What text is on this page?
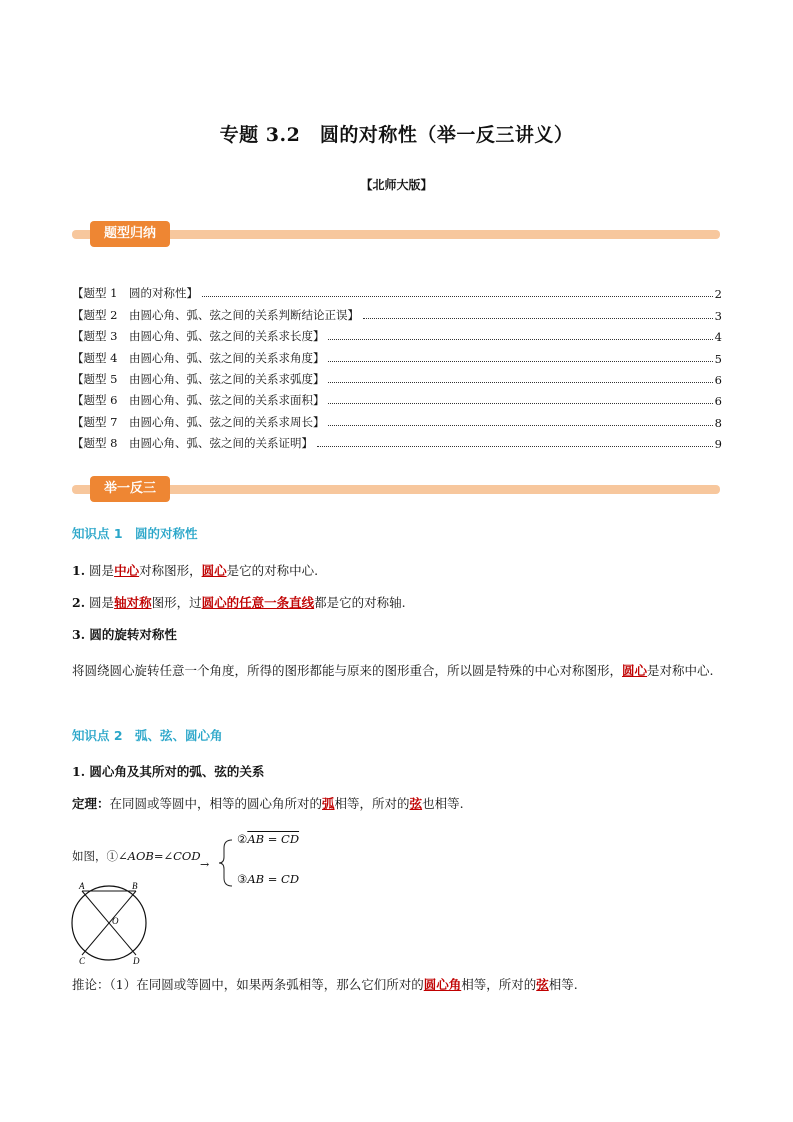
专题 3.2　圆的对称性（举一反三讲义）
【北师大版】
题型归纳
【题型 1　圆的对称性】	2
【题型 2　由圆心角、弧、弦之间的关系判断结论正误】	3
【题型 3　由圆心角、弧、弦之间的关系求长度】	4
【题型 4　由圆心角、弧、弦之间的关系求角度】	5
【题型 5　由圆心角、弧、弦之间的关系求弧度】	6
【题型 6　由圆心角、弧、弦之间的关系求面积】	6
【题型 7　由圆心角、弧、弦之间的关系求周长】	8
【题型 8　由圆心角、弧、弦之间的关系证明】	9
举一反三
知识点 1　圆的对称性
1. 圆是中心对称图形，圆心是它的对称中心.
2. 圆是轴对称图形，过圆心的任意一条直线都是它的对称轴.
3. 圆的旋转对称性
将圆绕圆心旋转任意一个角度，所得的图形都能与原来的图形重合，所以圆是特殊的中心对称图形，圆心是对称中心.
知识点 2　弧、弦、圆心角
1. 圆心角及其所对的弧、弦的关系
定理：在同圆或等圆中，相等的圆心角所对的弧相等，所对的弦也相等.
如图，①∠AOB=∠COD
→
②AB = CD
③AB = CD
A	B
O
C	D
推论：（1）在同圆或等圆中，如果两条弧相等，那么它们所对的圆心角相等，所对的弦相等.
